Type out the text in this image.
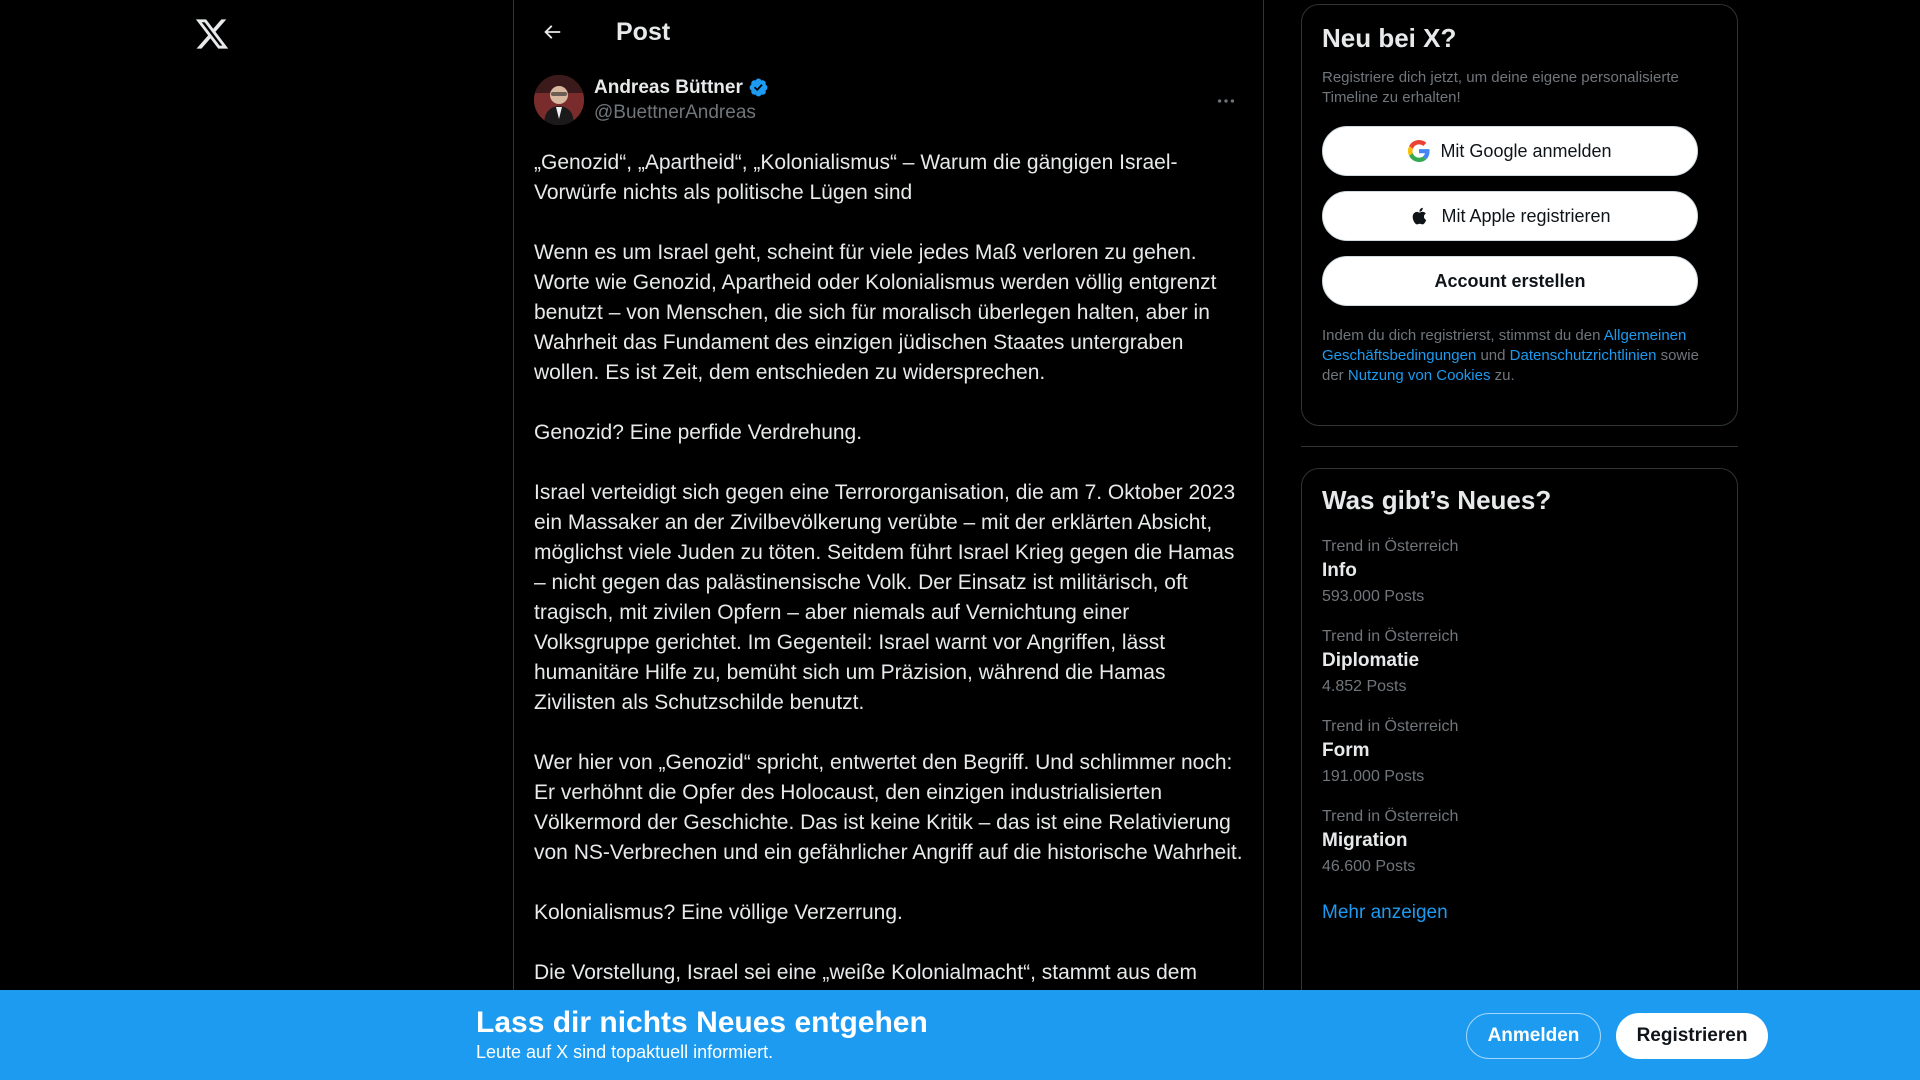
Post
Andreas Büttner
@BuettnerAndreas

„Genozid“, „Apartheid“, „Kolonialismus“ – Warum die gängigen Israel-Vorwürfe nichts als politische Lügen sind

Wenn es um Israel geht, scheint für viele jedes Maß verloren zu gehen. Worte wie Genozid, Apartheid oder Kolonialismus werden völlig entgrenzt benutzt – von Menschen, die sich für moralisch überlegen halten, aber in Wahrheit das Fundament des einzigen jüdischen Staates untergraben wollen. Es ist Zeit, dem entschieden zu widersprechen.

Genozid? Eine perfide Verdrehung.

Israel verteidigt sich gegen eine Terrororganisation, die am 7. Oktober 2023 ein Massaker an der Zivilbevölkerung verübte – mit der erklärten Absicht, möglichst viele Juden zu töten. Seitdem führt Israel Krieg gegen die Hamas – nicht gegen das palästinensische Volk. Der Einsatz ist militärisch, oft tragisch, mit zivilen Opfern – aber niemals auf Vernichtung einer Volksgruppe gerichtet. Im Gegenteil: Israel warnt vor Angriffen, lässt humanitäre Hilfe zu, bemüht sich um Präzision, während die Hamas Zivilisten als Schutzschilde benutzt.

Wer hier von „Genozid“ spricht, entwertet den Begriff. Und schlimmer noch: Er verhöhnt die Opfer des Holocaust, den einzigen industrialisierten Völkermord der Geschichte. Das ist keine Kritik – das ist eine Relativierung von NS-Verbrechen und ein gefährlicher Angriff auf die historische Wahrheit.

Kolonialismus? Eine völlige Verzerrung.

Die Vorstellung, Israel sei eine „weiße Kolonialmacht“, stammt aus dem

Neu bei X?
Registriere dich jetzt, um deine eigene personalisierte Timeline zu erhalten!
Mit Google anmelden
Mit Apple registrieren
Account erstellen
Indem du dich registrierst, stimmst du den Allgemeinen Geschäftsbedingungen und Datenschutzrichtlinien sowie der Nutzung von Cookies zu.
Was gibt’s Neues?
Trend in Österreich
Info
593.000 Posts
Trend in Österreich
Diplomatie
4.852 Posts
Trend in Österreich
Form
191.000 Posts
Trend in Österreich
Migration
46.600 Posts
Mehr anzeigen
Lass dir nichts Neues entgehen
Leute auf X sind topaktuell informiert.
Anmelden	Registrieren
